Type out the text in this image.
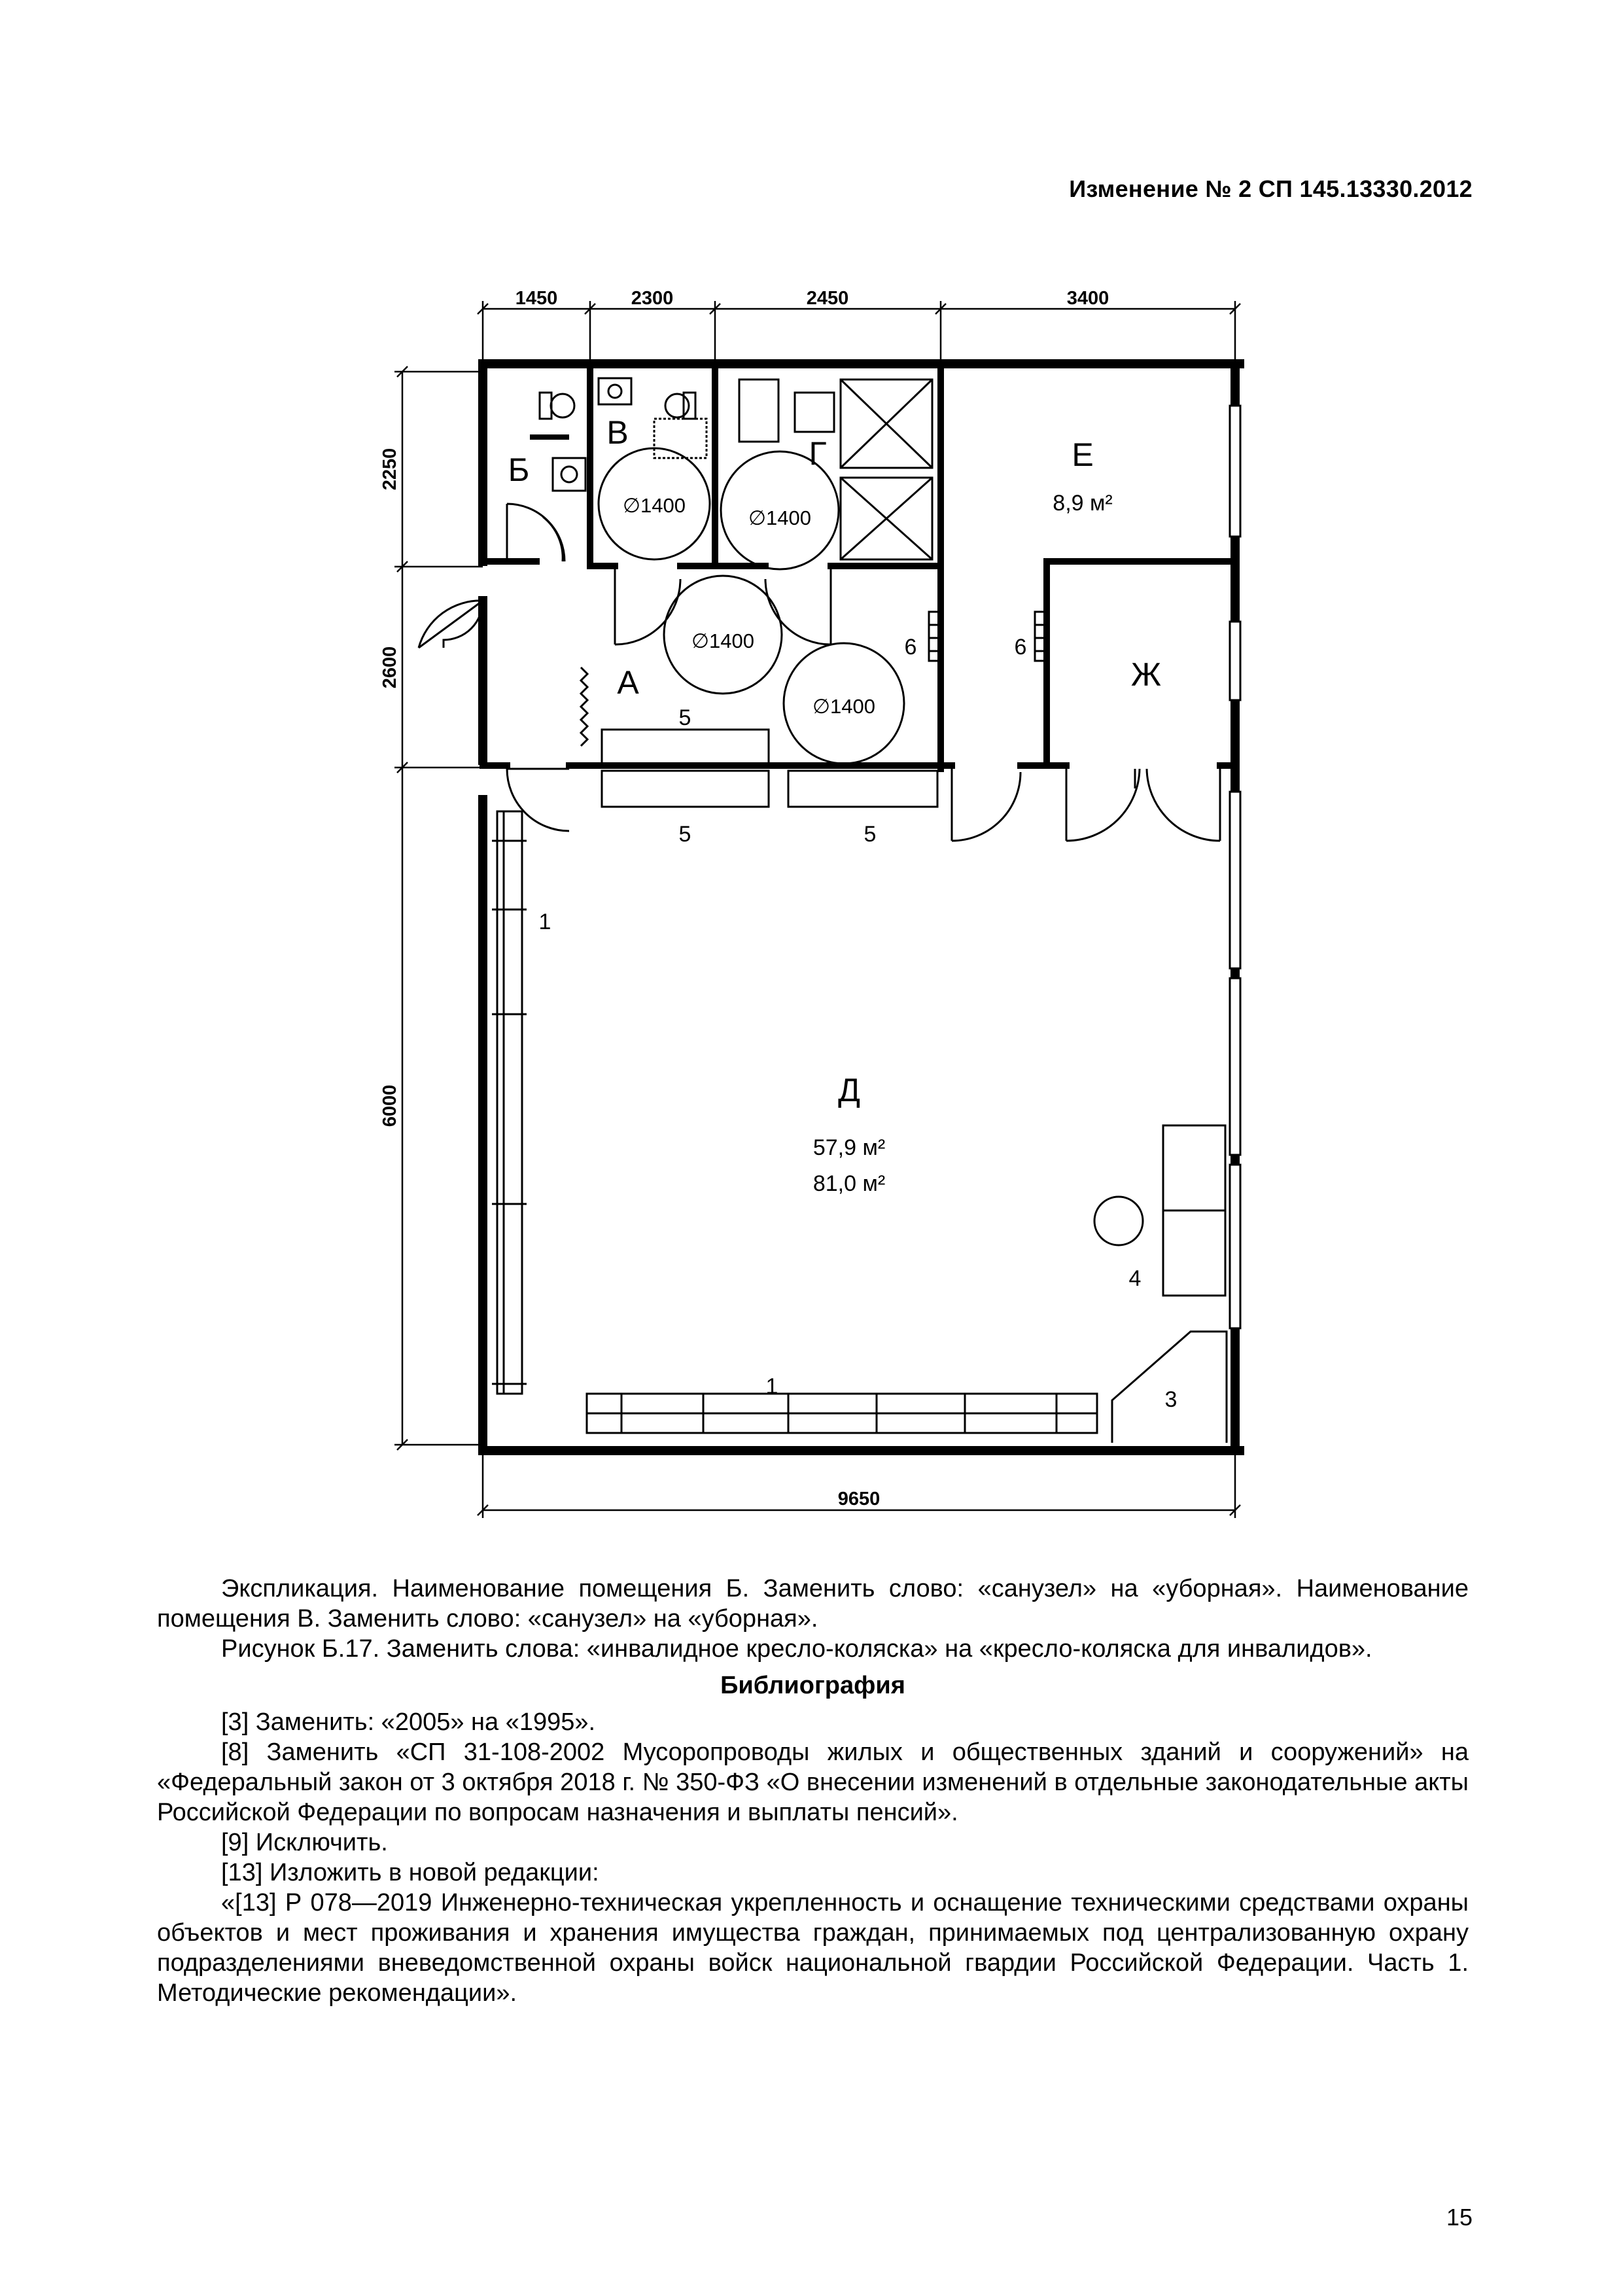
Изменение № 2 СП 145.13330.2012
1450	2300	2450	3400
2250
2600
6000
9650
Б
В
Г	Е
А	Ж
Д
8,9 м²
57,9 м²
81,0 м²
∅1400
∅1400
∅1400
∅1400
1
1
3
4
5
5	5
6	6

Экспликация. Наименование помещения Б. Заменить слово: «санузел» на «уборная». Наименование помещения В. Заменить слово: «санузел» на «уборная».

Рисунок Б.17. Заменить слова: «инвалидное кресло-коляска» на «кресло-коляска для инвалидов».

Библиография

[3] Заменить: «2005» на «1995».

[8] Заменить «СП 31-108-2002 Мусоропроводы жилых и общественных зданий и сооружений» на «Федеральный закон от 3 октября 2018 г. № 350-ФЗ «О внесении изменений в отдельные законодательные акты Российской Федерации по вопросам назначения и выплаты пенсий».

[9] Исключить.

[13] Изложить в новой редакции:

«[13] Р 078—2019 Инженерно-техническая укрепленность и оснащение техническими средствами охраны объектов и мест проживания и хранения имущества граждан, принимаемых под централизованную охрану подразделениями вневедомственной охраны войск национальной гвардии Российской Федерации. Часть 1. Методические рекомендации».

15
